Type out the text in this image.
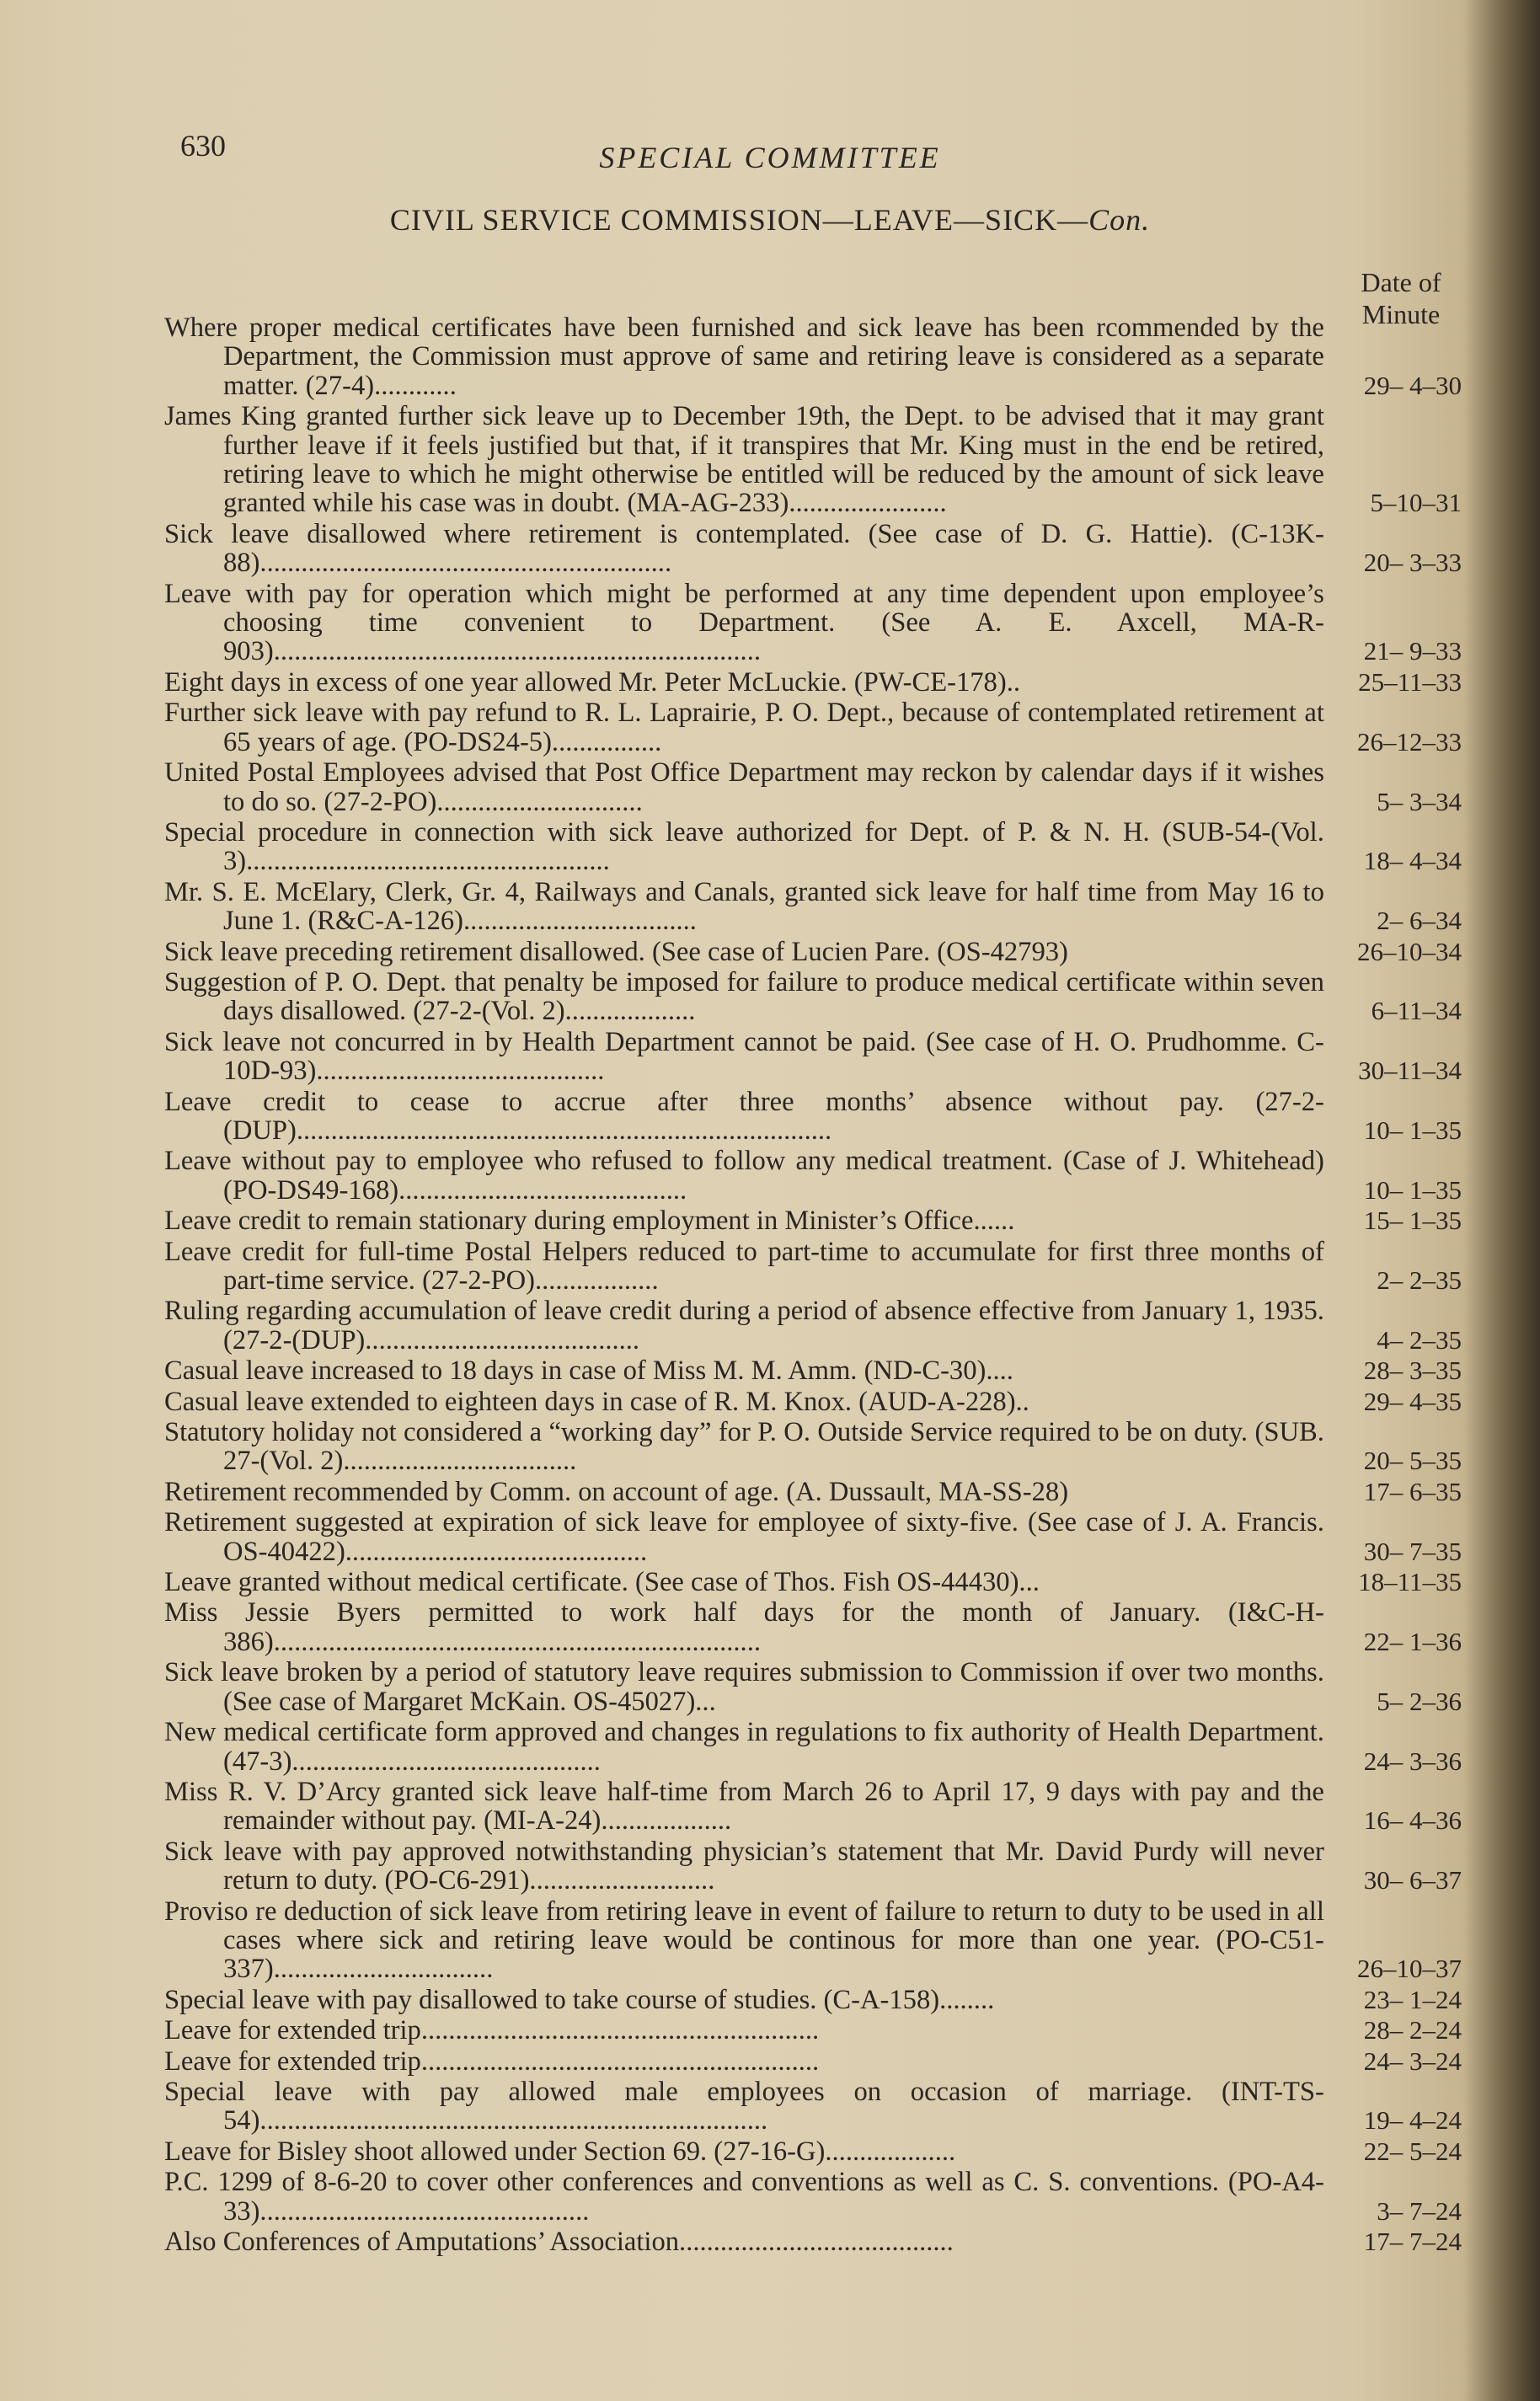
630	SPECIAL COMMITTEE
CIVIL SERVICE COMMISSION—LEAVE—SICK—Con.
Date of Minute
Where proper medical certificates have been furnished and sick leave has been rcommended by the Department, the Commission must approve of same and retiring leave is considered as a separate matter. (27-4)............	29– 4–30
James King granted further sick leave up to December 19th, the Dept. to be advised that it may grant further leave if it feels justified but that, if it transpires that Mr. King must in the end be retired, retiring leave to which he might otherwise be entitled will be reduced by the amount of sick leave granted while his case was in doubt. (MA-AG-233).......................	5–10–31
Sick leave disallowed where retirement is contemplated. (See case of D. G. Hattie). (C-13K-88)............................................................	20– 3–33
Leave with pay for operation which might be performed at any time dependent upon employee’s choosing time convenient to Department. (See A. E. Axcell, MA-R-903).......................................................................	21– 9–33
Eight days in excess of one year allowed Mr. Peter McLuckie. (PW-CE-178)..	25–11–33
Further sick leave with pay refund to R. L. Laprairie, P. O. Dept., because of contemplated retirement at 65 years of age. (PO-DS24-5)................	26–12–33
United Postal Employees advised that Post Office Department may reckon by calendar days if it wishes to do so. (27-2-PO)..............................	5– 3–34
Special procedure in connection with sick leave authorized for Dept. of P. & N. H. (SUB-54-(Vol. 3).....................................................	18– 4–34
Mr. S. E. McElary, Clerk, Gr. 4, Railways and Canals, granted sick leave for half time from May 16 to June 1. (R&C-A-126)..................................	2– 6–34
Sick leave preceding retirement disallowed. (See case of Lucien Pare. (OS-42793)	26–10–34
Suggestion of P. O. Dept. that penalty be imposed for failure to produce medical certificate within seven days disallowed. (27-2-(Vol. 2)...................	6–11–34
Sick leave not concurred in by Health Department cannot be paid. (See case of H. O. Prudhomme. C-10D-93)..........................................	30–11–34
Leave credit to cease to accrue after three months’ absence without pay. (27-2-(DUP)..............................................................................	10– 1–35
Leave without pay to employee who refused to follow any medical treatment. (Case of J. Whitehead) (PO-DS49-168)..........................................	10– 1–35
Leave credit to remain stationary during employment in Minister’s Office......	15– 1–35
Leave credit for full-time Postal Helpers reduced to part-time to accumulate for first three months of part-time service. (27-2-PO)..................	2– 2–35
Ruling regarding accumulation of leave credit during a period of absence effective from January 1, 1935. (27-2-(DUP)........................................	4– 2–35
Casual leave increased to 18 days in case of Miss M. M. Amm. (ND-C-30)....	28– 3–35
Casual leave extended to eighteen days in case of R. M. Knox. (AUD-A-228)..	29– 4–35
Statutory holiday not considered a “working day” for P. O. Outside Service required to be on duty. (SUB. 27-(Vol. 2)..................................	20– 5–35
Retirement recommended by Comm. on account of age. (A. Dussault, MA-SS-28)	17– 6–35
Retirement suggested at expiration of sick leave for employee of sixty-five. (See case of J. A. Francis. OS-40422)............................................	30– 7–35
Leave granted without medical certificate. (See case of Thos. Fish OS-44430)...	18–11–35
Miss Jessie Byers permitted to work half days for the month of January. (I&C-H-386).......................................................................	22– 1–36
Sick leave broken by a period of statutory leave requires submission to Commission if over two months. (See case of Margaret McKain. OS-45027)...	5– 2–36
New medical certificate form approved and changes in regulations to fix authority of Health Department. (47-3).............................................	24– 3–36
Miss R. V. D’Arcy granted sick leave half-time from March 26 to April 17, 9 days with pay and the remainder without pay. (MI-A-24)...................	16– 4–36
Sick leave with pay approved notwithstanding physician’s statement that Mr. David Purdy will never return to duty. (PO-C6-291)...........................	30– 6–37
Proviso re deduction of sick leave from retiring leave in event of failure to return to duty to be used in all cases where sick and retiring leave would be continous for more than one year. (PO-C51-337)................................	26–10–37
Special leave with pay disallowed to take course of studies. (C-A-158)........	23– 1–24
Leave for extended trip..........................................................	28– 2–24
Leave for extended trip..........................................................	24– 3–24
Special leave with pay allowed male employees on occasion of marriage. (INT-TS-54)..........................................................................	19– 4–24
Leave for Bisley shoot allowed under Section 69. (27-16-G)...................	22– 5–24
P.C. 1299 of 8-6-20 to cover other conferences and conventions as well as C. S. conventions. (PO-A4-33)................................................	3– 7–24
Also Conferences of Amputations’ Association........................................	17– 7–24
